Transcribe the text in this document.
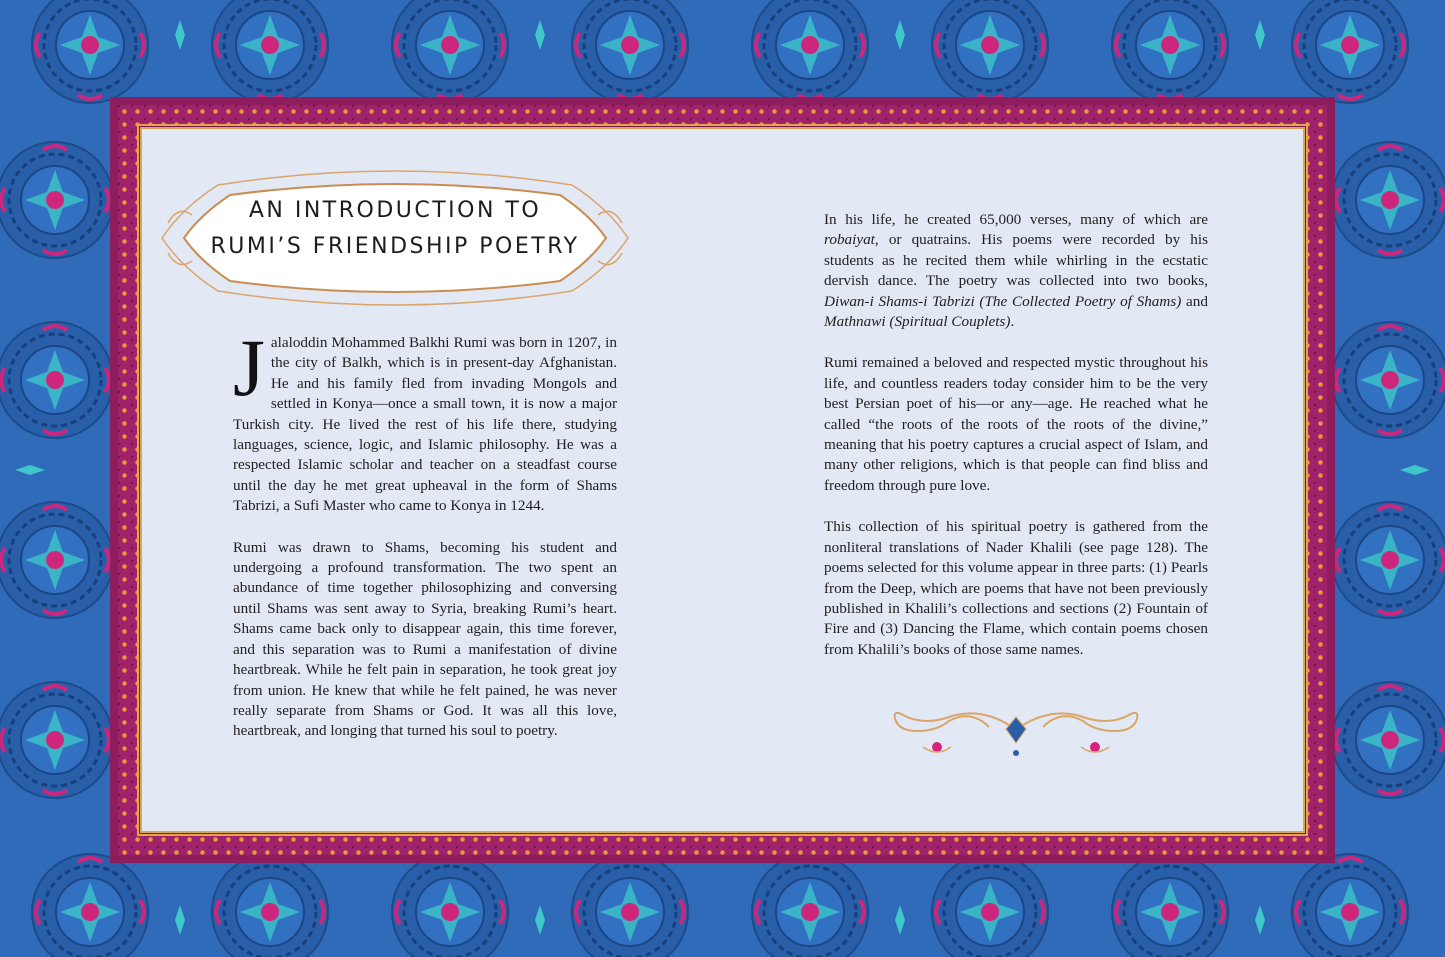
AN INTRODUCTION TO
RUMI’S FRIENDSHIP POETRY

Jalaloddin Mohammed Balkhi Rumi was born in 1207, in the city of Balkh, which is in present-day Afghanistan. He and his family fled from invading Mongols and settled in Konya—once a small town, it is now a major Turkish city. He lived the rest of his life there, studying languages, science, logic, and Islamic philosophy. He was a respected Islamic scholar and teacher on a steadfast course until the day he met great upheaval in the form of Shams Tabrizi, a Sufi Master who came to Konya in 1244.

Rumi was drawn to Shams, becoming his student and undergoing a profound transformation. The two spent an abundance of time together philosophizing and conversing until Shams was sent away to Syria, breaking Rumi’s heart. Shams came back only to disappear again, this time forever, and this separation was to Rumi a manifestation of divine heartbreak. While he felt pain in separation, he took great joy from union. He knew that while he felt pained, he was never really separate from Shams or God. It was all this love, heartbreak, and longing that turned his soul to poetry.

In his life, he created 65,000 verses, many of which are robaiyat, or quatrains. His poems were recorded by his students as he recited them while whirling in the ecstatic dervish dance. The poetry was collected into two books, Diwan-i Shams-i Tabrizi (The Collected Poetry of Shams) and Mathnawi (Spiritual Couplets).

Rumi remained a beloved and respected mystic throughout his life, and countless readers today consider him to be the very best Persian poet of his—or any—age. He reached what he called “the roots of the roots of the roots of the divine,” meaning that his poetry captures a crucial aspect of Islam, and many other religions, which is that people can find bliss and freedom through pure love.

This collection of his spiritual poetry is gathered from the nonliteral translations of Nader Khalili (see page 128). The poems selected for this volume appear in three parts: (1) Pearls from the Deep, which are poems that have not been previously published in Khalili’s collections and sections (2) Fountain of Fire and (3) Dancing the Flame, which contain poems chosen from Khalili’s books of those same names.
